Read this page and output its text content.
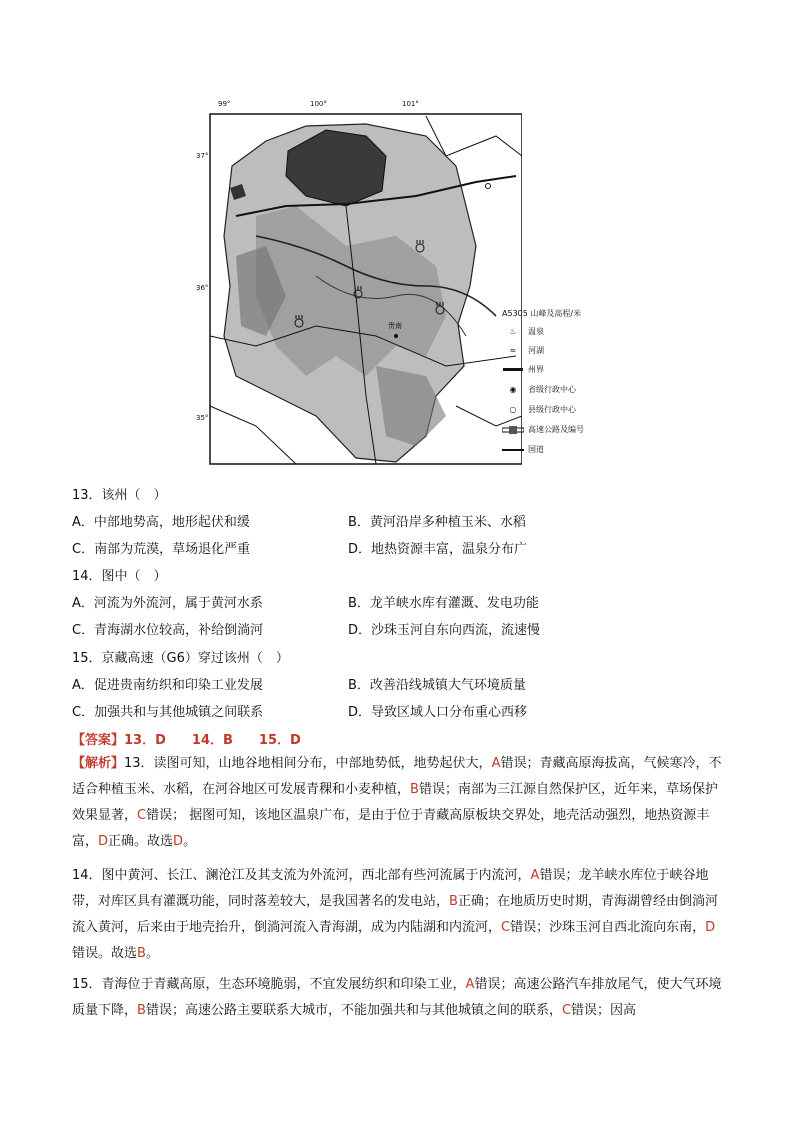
贵南
99°	100°	101°
37°
36°
35°
A5305 山峰及高程/米
♨	温泉
≈	河湖
州界
◉	省级行政中心
○	县级行政中心
高速公路及编号
国道
13．该州（　）
A．中部地势高，地形起伏和缓	B．黄河沿岸多种植玉米、水稻
C．南部为荒漠，草场退化严重	D．地热资源丰富，温泉分布广
14．图中（　）
A．河流为外流河，属于黄河水系	B．龙羊峡水库有灌溉、发电功能
C．青海湖水位较高，补给倒淌河	D．沙珠玉河自东向西流，流速慢
15．京藏高速（G6）穿过该州（　）
A．促进贵南纺织和印染工业发展	B．改善沿线城镇大气环境质量
C．加强共和与其他城镇之间联系	D．导致区域人口分布重心西移
【答案】13．D　　14．B　　15．D
【解析】13．读图可知，山地谷地相间分布，中部地势低，地势起伏大，A错误；青藏高原海拔高，气候寒冷，不适合种植玉米、水稻，在河谷地区可发展青稞和小麦种植，B错误；南部为三江源自然保护区，近年来，草场保护效果显著，C错误； 据图可知，该地区温泉广布，是由于位于青藏高原板块交界处，地壳活动强烈，地热资源丰富，D正确。故选D。
14．图中黄河、长江、澜沧江及其支流为外流河，西北部有些河流属于内流河，A错误；龙羊峡水库位于峡谷地带，对库区具有灌溉功能，同时落差较大，是我国著名的发电站，B正确；在地质历史时期，青海湖曾经由倒淌河流入黄河，后来由于地壳抬升，倒淌河流入青海湖，成为内陆湖和内流河，C错误；沙珠玉河自西北流向东南，D错误。故选B。
15．青海位于青藏高原，生态环境脆弱，不宜发展纺织和印染工业，A错误；高速公路汽车排放尾气，使大气环境质量下降，B错误；高速公路主要联系大城市，不能加强共和与其他城镇之间的联系，C错误；因高
